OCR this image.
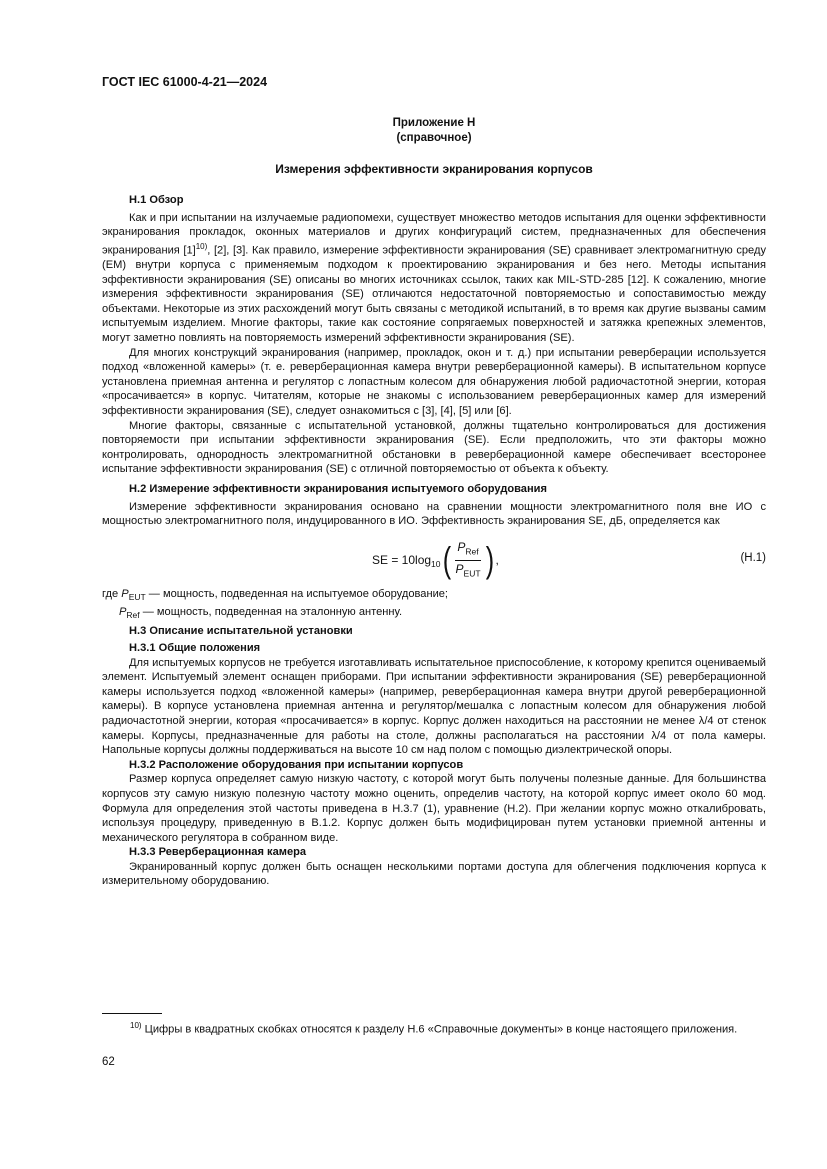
ГОСТ IEC 61000-4-21—2024
Приложение Н
(справочное)
Измерения эффективности экранирования корпусов
Н.1 Обзор

Как и при испытании на излучаемые радиопомехи, существует множество методов испытания для оценки эффективности экранирования прокладок, оконных материалов и других конфигураций систем, предназначенных для обеспечения экранирования $[1]^{10)}$, [2], [3]. Как правило, измерение эффективности экранирования (SE) сравнивает электромагнитную среду (ЕМ) внутри корпуса с применяемым подходом к проектированию экранирования и без него. Методы испытания эффективности экранирования (SE) описаны во многих источниках ссылок, таких как MIL-STD-285 [12]. К сожалению, многие измерения эффективности экранирования (SE) отличаются недостаточной повторяемостью и сопоставимостью между объектами. Некоторые из этих расхождений могут быть связаны с методикой испытаний, в то время как другие вызваны самим испытуемым изделием. Многие факторы, такие как состояние сопрягаемых поверхностей и затяжка крепежных элементов, могут заметно повлиять на повторяемость измерений эффективности экранирования (SE).

Для многих конструкций экранирования (например, прокладок, окон и т. д.) при испытании реверберации используется подход «вложенной камеры» (т. е. реверберационная камера внутри реверберационной камеры). В испытательном корпусе установлена приемная антенна и регулятор с лопастным колесом для обнаружения любой радиочастотной энергии, которая «просачивается» в корпус. Читателям, которые не знакомы с использованием реверберационных камер для измерений эффективности экранирования (SE), следует ознакомиться с [3], [4], [5] или [6].

Многие факторы, связанные с испытательной установкой, должны тщательно контролироваться для достижения повторяемости при испытании эффективности экранирования (SE). Если предположить, что эти факторы можно контролировать, однородность электромагнитной обстановки в реверберационной камере обеспечивает всесторонее испытание эффективности экранирования (SE) с отличной повторяемостью от объекта к объекту.

Н.2 Измерение эффективности экранирования испытуемого оборудования

Измерение эффективности экранирования основано на сравнении мощности электромагнитного поля вне ИО с мощностью электромагнитного поля, индуцированного в ИО. Эффективность экранирования SE, дБ, определяется как

SE = $10\log_{10}$ ( $\frac{P_{Ref}}{P_{EUT}}$ ) ,	(Н.1)
где $P_{EUT}$ — мощность, подведенная на испытуемое оборудование;
$P_{Ref}$ — мощность, подведенная на эталонную антенну.
Н.3 Описание испытательной установки
Н.3.1 Общие положения

Для испытуемых корпусов не требуется изготавливать испытательное приспособление, к которому крепится оцениваемый элемент. Испытуемый элемент оснащен приборами. При испытании эффективности экранирования (SE) реверберационной камеры используется подход «вложенной камеры» (например, реверберационная камера внутри другой реверберационной камеры). В корпусе установлена приемная антенна и регулятор/мешалка с лопастным колесом для обнаружения любой радиочастотной энергии, которая «просачивается» в корпус. Корпус должен находиться на расстоянии не менее λ/4 от стенок камеры. Корпусы, предназначенные для работы на столе, должны располагаться на расстоянии λ/4 от пола камеры. Напольные корпусы должны поддерживаться на высоте 10 см над полом с помощью диэлектрической опоры.

Н.3.2 Расположение оборудования при испытании корпусов

Размер корпуса определяет самую низкую частоту, с которой могут быть получены полезные данные. Для большинства корпусов эту самую низкую полезную частоту можно оценить, определив частоту, на которой корпус имеет около 60 мод. Формула для определения этой частоты приведена в Н.3.7 (1), уравнение (Н.2). При желании корпус можно откалибровать, используя процедуру, приведенную в В.1.2. Корпус должен быть модифицирован путем установки приемной антенны и механического регулятора в собранном виде.

Н.3.3 Реверберационная камера

Экранированный корпус должен быть оснащен несколькими портами доступа для облегчения подключения корпуса к измерительному оборудованию.

$^{10)}$ Цифры в квадратных скобках относятся к разделу Н.6 «Справочные документы» в конце настоящего приложения.

62
